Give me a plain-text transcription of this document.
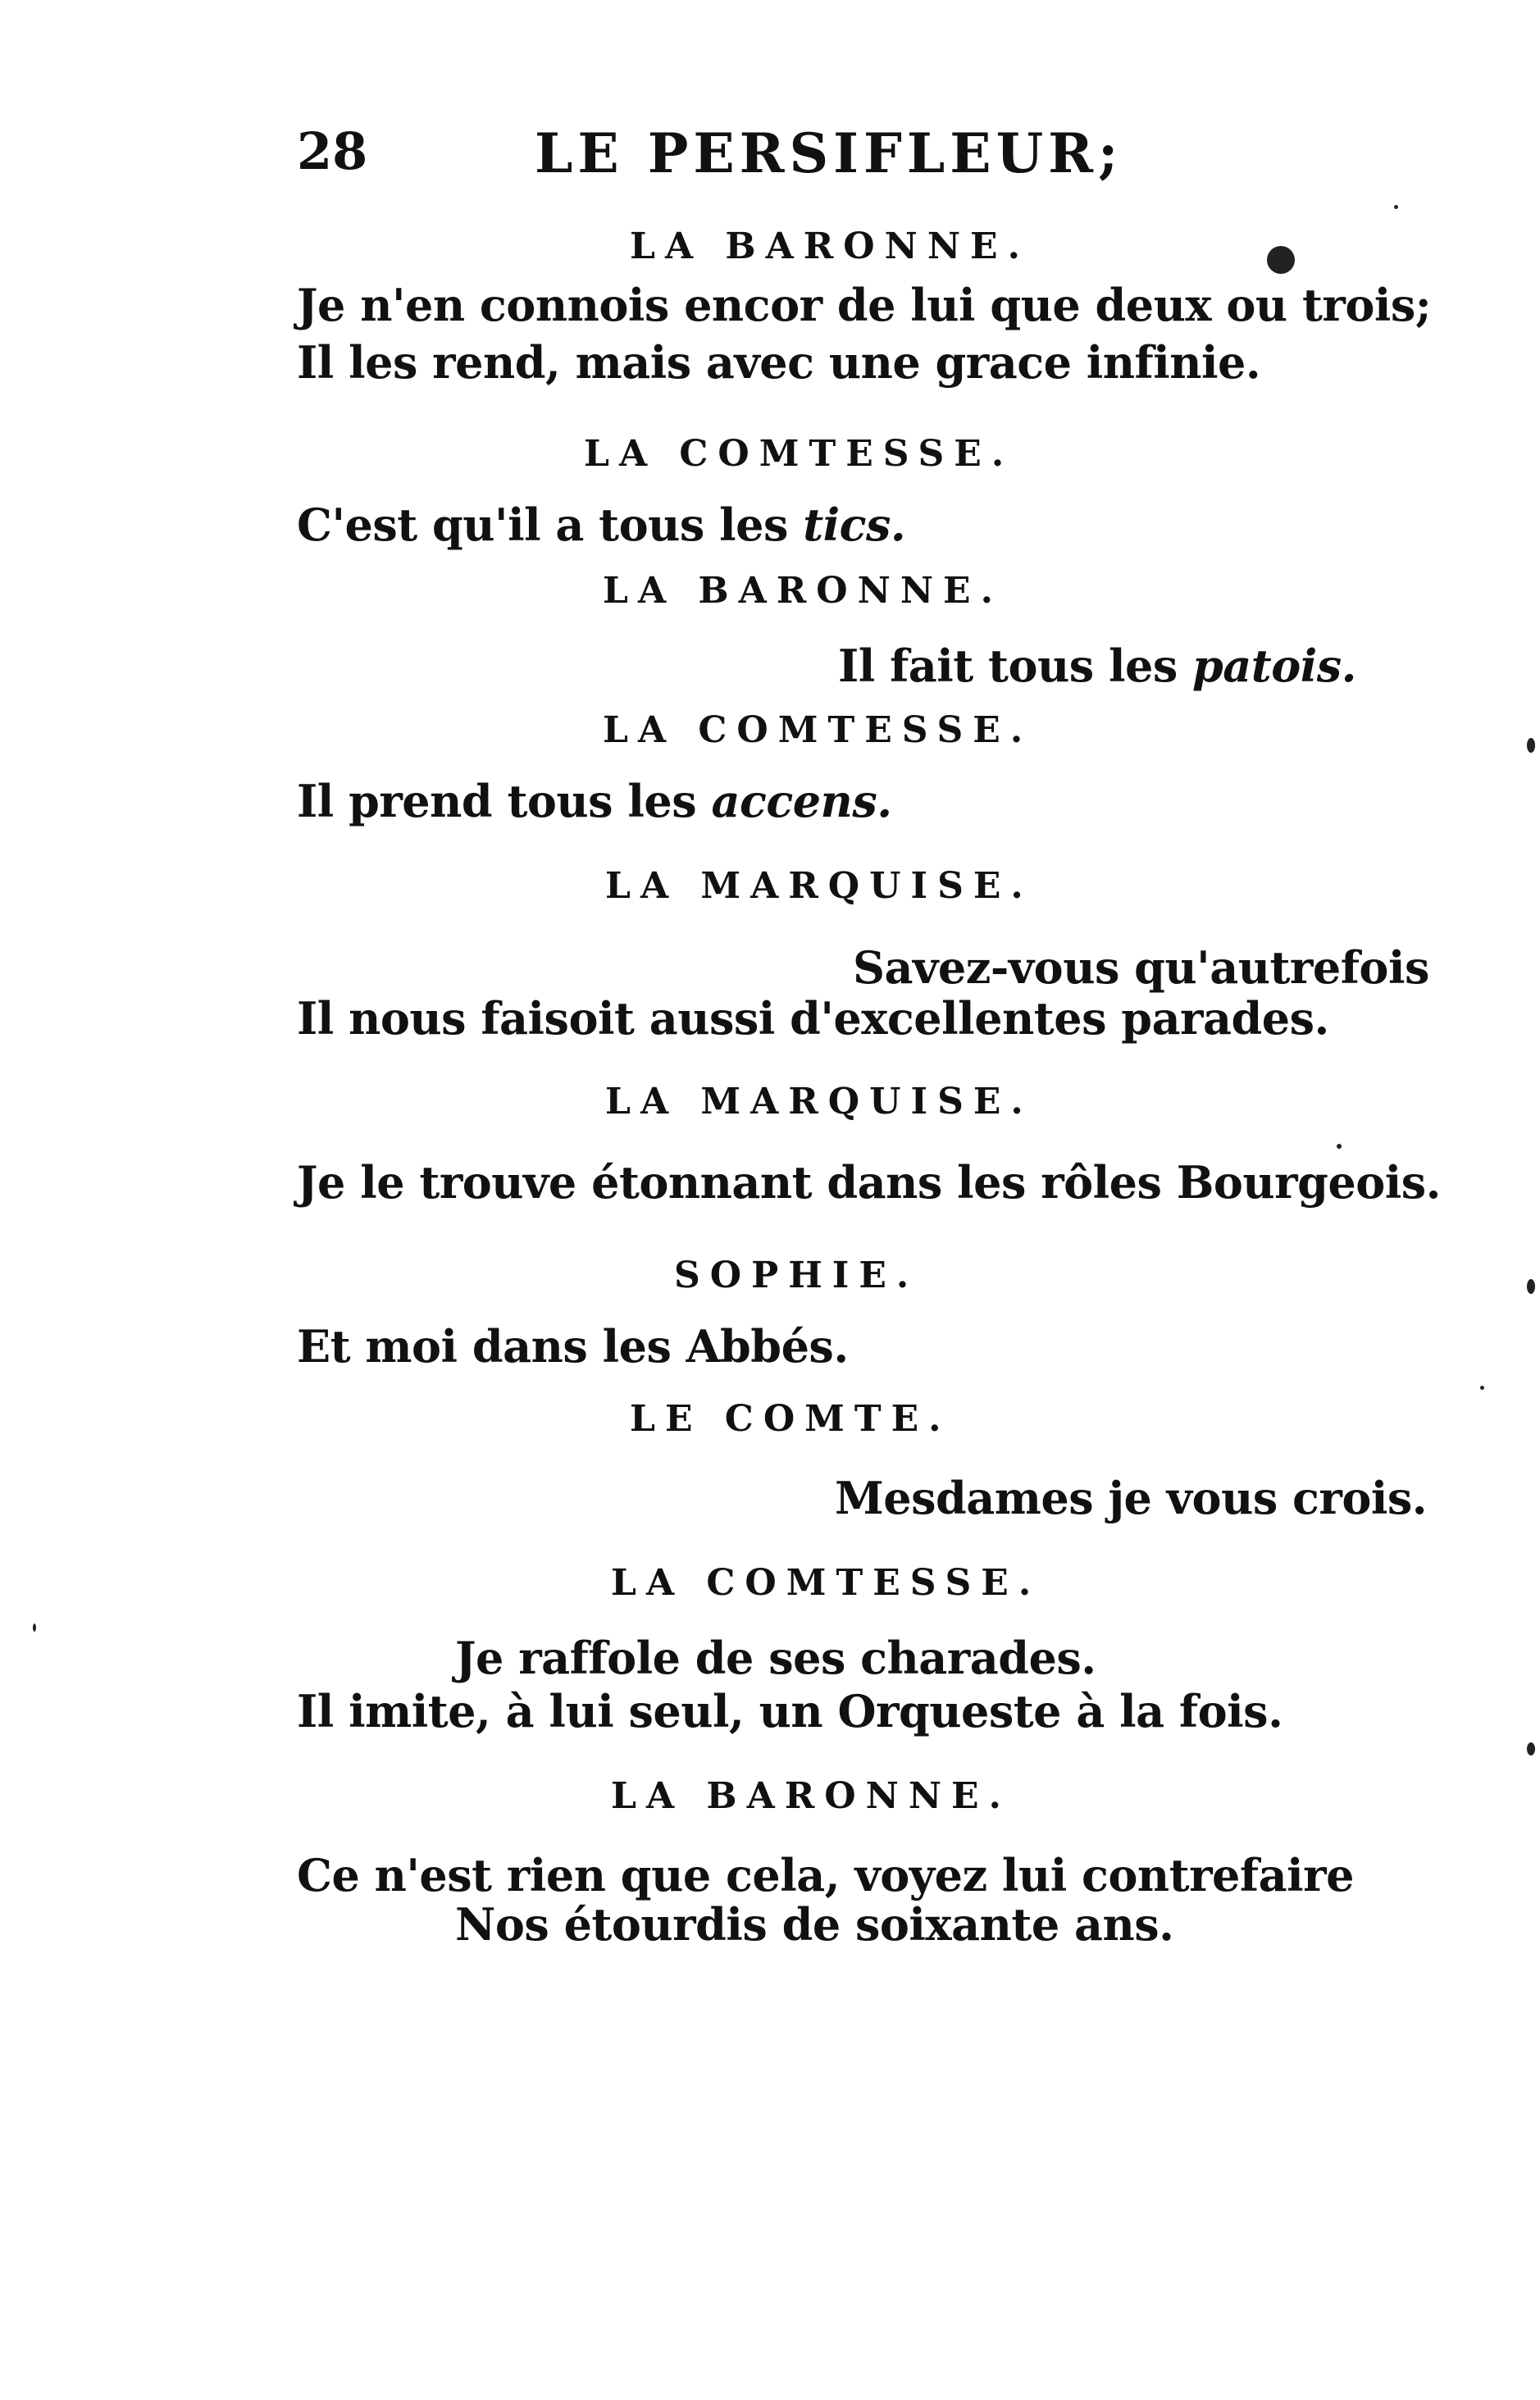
28	LE PERSIFLEUR;
LA BARONNE.
Je n'en connois encor de lui que deux ou trois;
Il les rend, mais avec une grace infinie.
LA COMTESSE.
C'est qu'il a tous les tics.
LA BARONNE.
Il fait tous les patois.
LA COMTESSE.
Il prend tous les accens.
LA MARQUISE.
Savez-vous qu'autrefois
Il nous faisoit aussi d'excellentes parades.
LA MARQUISE.
Je le trouve étonnant dans les rôles Bourgeois.
SOPHIE.
Et moi dans les Abbés.
LE COMTE.
Mesdames je vous crois.
LA COMTESSE.
Je raffole de ses charades.
Il imite, à lui seul, un Orqueste à la fois.
LA BARONNE.
Ce n'est rien que cela, voyez lui contrefaire
Nos étourdis de soixante ans.
